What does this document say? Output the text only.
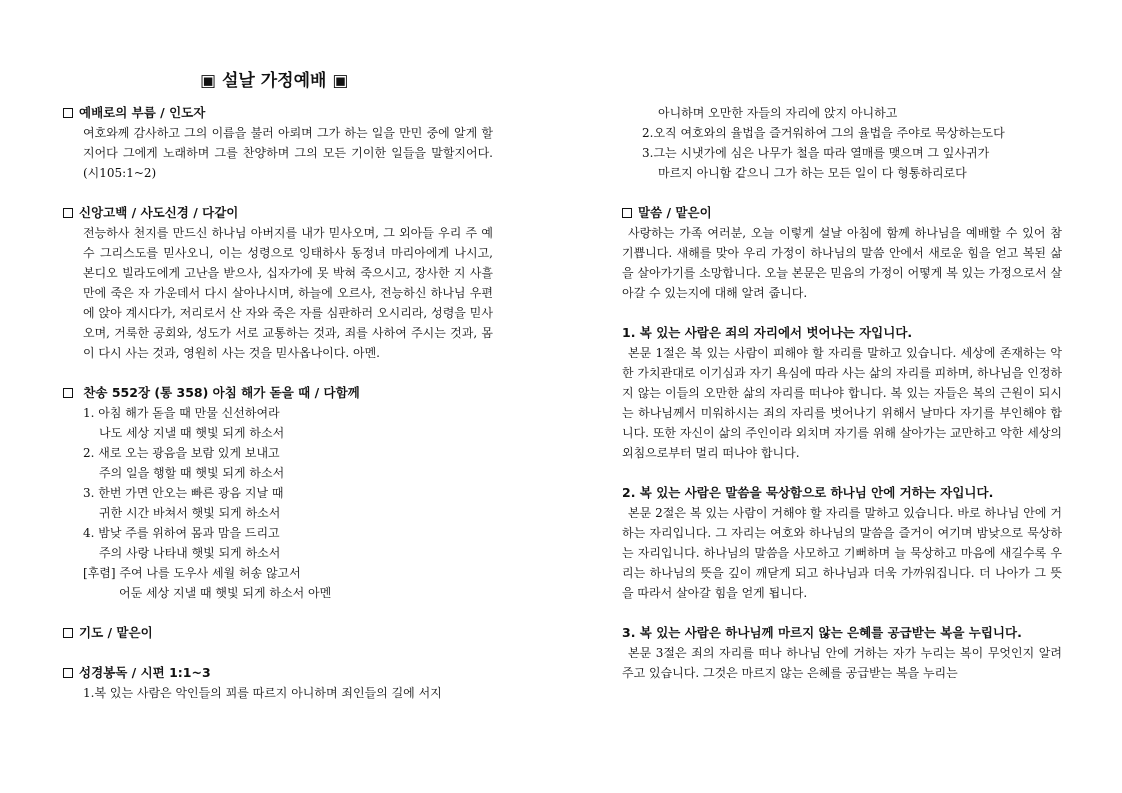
▣ 설날 가정예배 ▣
예배로의 부름 / 인도자
여호와께 감사하고 그의 이름을 불러 아뢰며 그가 하는 일을 만민 중에 알게 할지어다 그에게 노래하며 그를 찬양하며 그의 모든 기이한 일들을 말할지어다. (시105:1~2)
신앙고백 / 사도신경 / 다같이
전능하사 천지를 만드신 하나님 아버지를 내가 믿사오며, 그 외아들 우리 주 예수 그리스도를 믿사오니, 이는 성령으로 잉태하사 동정녀 마리아에게 나시고, 본디오 빌라도에게 고난을 받으사, 십자가에 못 박혀 죽으시고, 장사한 지 사흘만에 죽은 자 가운데서 다시 살아나시며, 하늘에 오르사, 전능하신 하나님 우편에 앉아 계시다가, 저리로서 산 자와 죽은 자를 심판하러 오시리라, 성령을 믿사오며, 거룩한 공회와, 성도가 서로 교통하는 것과, 죄를 사하여 주시는 것과, 몸이 다시 사는 것과, 영원히 사는 것을 믿사옵나이다. 아멘.
찬송 552장 (통 358) 아침 해가 돋을 때 / 다함께
1. 아침 해가 돋을 때 만물 신선하여라
나도 세상 지낼 때 햇빛 되게 하소서
2. 새로 오는 광음을 보람 있게 보내고
주의 일을 행할 때 햇빛 되게 하소서
3. 한번 가면 안오는 빠른 광음 지날 때
귀한 시간 바쳐서 햇빛 되게 하소서
4. 밤낮 주를 위하여 몸과 맘을 드리고
주의 사랑 나타내 햇빛 되게 하소서
[후렴] 주여 나를 도우사 세월 허송 않고서
어둔 세상 지낼 때 햇빛 되게 하소서 아멘
기도 / 맡은이
성경봉독 / 시편 1:1~3
1.복 있는 사람은 악인들의 꾀를 따르지 아니하며 죄인들의 길에 서지
아니하며 오만한 자들의 자리에 앉지 아니하고
2.오직 여호와의 율법을 즐거워하여 그의 율법을 주야로 묵상하는도다
3.그는 시냇가에 심은 나무가 철을 따라 열매를 맺으며 그 잎사귀가
마르지 아니함 같으니 그가 하는 모든 일이 다 형통하리로다
말씀 / 맡은이
사랑하는 가족 여러분, 오늘 이렇게 설날 아침에 함께 하나님을 예배할 수 있어 참 기쁩니다. 새해를 맞아 우리 가정이 하나님의 말씀 안에서 새로운 힘을 얻고 복된 삶을 살아가기를 소망합니다. 오늘 본문은 믿음의 가정이 어떻게 복 있는 가정으로서 살아갈 수 있는지에 대해 알려 줍니다.
1. 복 있는 사람은 죄의 자리에서 벗어나는 자입니다.
본문 1절은 복 있는 사람이 피해야 할 자리를 말하고 있습니다. 세상에 존재하는 악한 가치관대로 이기심과 자기 욕심에 따라 사는 삶의 자리를 피하며, 하나님을 인정하지 않는 이들의 오만한 삶의 자리를 떠나야 합니다. 복 있는 자들은 복의 근원이 되시는 하나님께서 미워하시는 죄의 자리를 벗어나기 위해서 날마다 자기를 부인해야 합니다. 또한 자신이 삶의 주인이라 외치며 자기를 위해 살아가는 교만하고 악한 세상의 외침으로부터 멀리 떠나야 합니다.
2. 복 있는 사람은 말씀을 묵상함으로 하나님 안에 거하는 자입니다.
본문 2절은 복 있는 사람이 거해야 할 자리를 말하고 있습니다. 바로 하나님 안에 거하는 자리입니다. 그 자리는 여호와 하나님의 말씀을 즐거이 여기며 밤낮으로 묵상하는 자리입니다. 하나님의 말씀을 사모하고 기뻐하며 늘 묵상하고 마음에 새길수록 우리는 하나님의 뜻을 깊이 깨닫게 되고 하나님과 더욱 가까워집니다. 더 나아가 그 뜻을 따라서 살아갈 힘을 얻게 됩니다.
3. 복 있는 사람은 하나님께 마르지 않는 은혜를 공급받는 복을 누립니다.
본문 3절은 죄의 자리를 떠나 하나님 안에 거하는 자가 누리는 복이 무엇인지 알려주고 있습니다. 그것은 마르지 않는 은혜를 공급받는 복을 누리는
